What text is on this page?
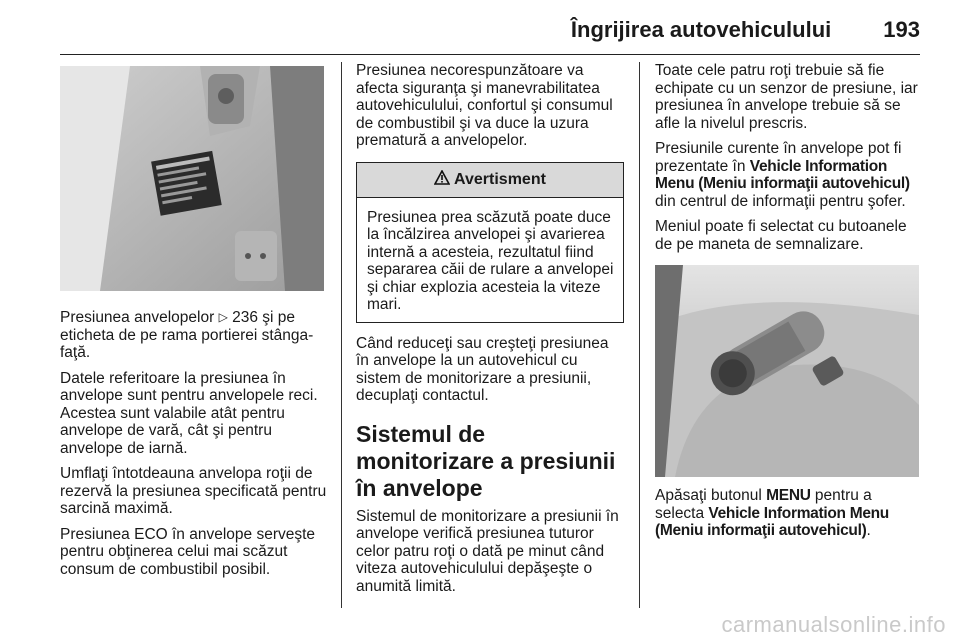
Îngrijirea autovehiculului 193

Presiunea anvelopelor ▷ 236 şi pe eticheta de pe rama portierei stânga-faţă.

Datele referitoare la presiunea în anvelope sunt pentru anvelopele reci. Acestea sunt valabile atât pentru anvelope de vară, cât şi pentru anvelope de iarnă.

Umflaţi întotdeauna anvelopa roţii de rezervă la presiunea specificată pentru sarcină maximă.

Presiunea ECO în anvelope serveşte pentru obţinerea celui mai scăzut consum de combustibil posibil.

Presiunea necorespunzătoare va afecta siguranţa şi manevrabilitatea autovehiculului, confortul şi consumul de combustibil şi va duce la uzura prematură a anvelopelor.

Avertisment
Presiunea prea scăzută poate duce la încălzirea anvelopei şi avarierea internă a acesteia, rezultatul fiind separarea căii de rulare a anvelopei şi chiar explozia acesteia la viteze mari.

Când reduceţi sau creşteţi presiunea în anvelope la un autovehicul cu sistem de monitorizare a presiunii, decuplaţi contactul.

Sistemul de monitorizare a presiunii în anvelope

Sistemul de monitorizare a presiunii în anvelope verifică presiunea tuturor celor patru roţi o dată pe minut când viteza autovehiculului depăşeşte o anumită limită.

Toate cele patru roţi trebuie să fie echipate cu un senzor de presiune, iar presiunea în anvelope trebuie să se afle la nivelul prescris.

Presiunile curente în anvelope pot fi prezentate în Vehicle Information Menu (Meniu informaţii autovehicul) din centrul de informaţii pentru şofer.

Meniul poate fi selectat cu butoanele de pe maneta de semnalizare.

Apăsaţi butonul MENU pentru a selecta Vehicle Information Menu (Meniu informaţii autovehicul).

carmanualsonline.info
